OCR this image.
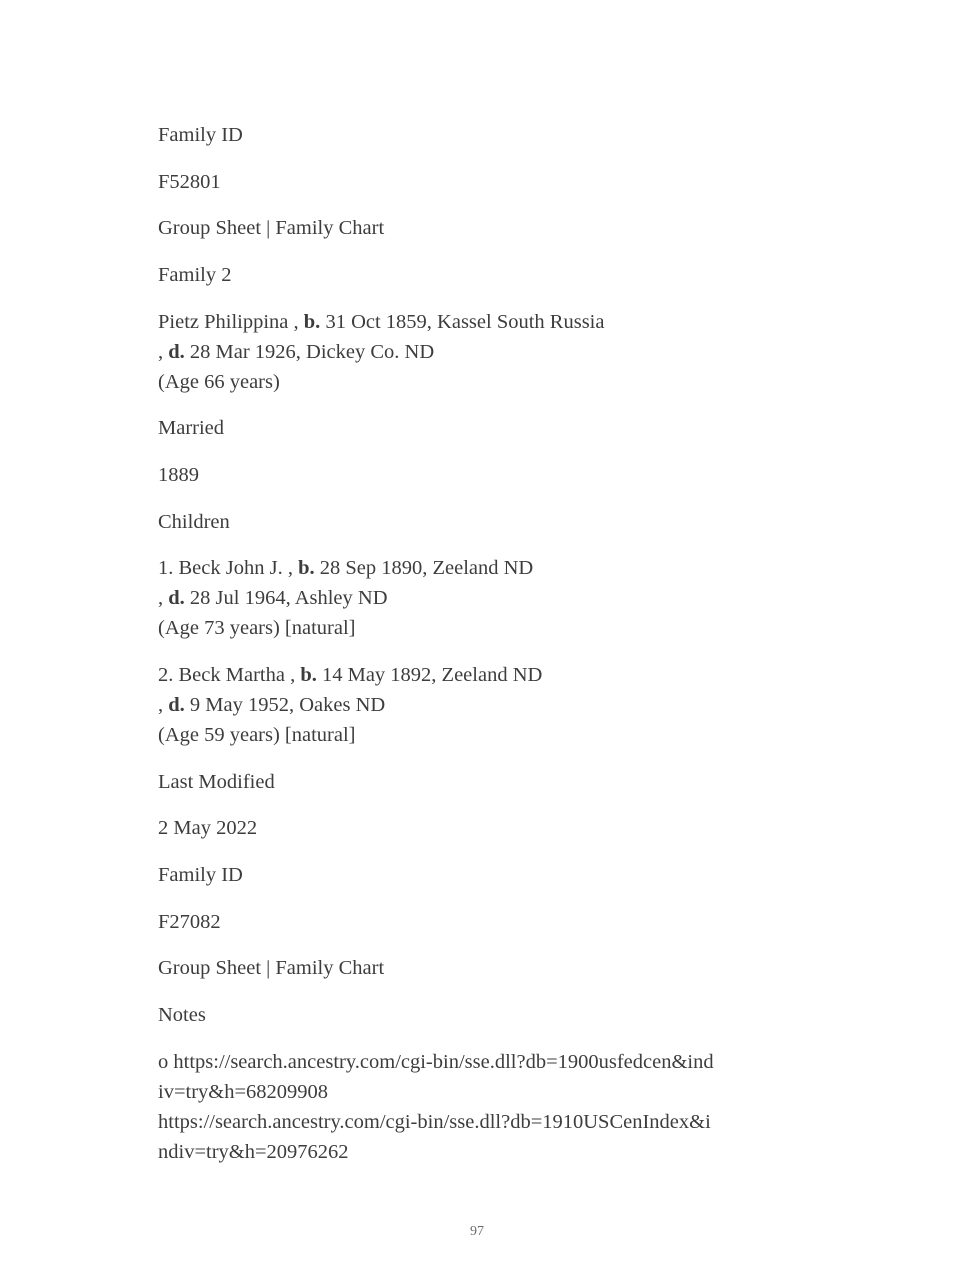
Family ID
F52801
Group Sheet | Family Chart
Family 2
Pietz Philippina , b. 31 Oct 1859, Kassel South Russia
, d. 28 Mar 1926, Dickey Co. ND
(Age 66 years)
Married
1889
Children
1. Beck John J. , b. 28 Sep 1890, Zeeland ND
, d. 28 Jul 1964, Ashley ND
(Age 73 years) [natural]
2. Beck Martha , b. 14 May 1892, Zeeland ND
, d. 9 May 1952, Oakes ND
(Age 59 years) [natural]
Last Modified
2 May 2022
Family ID
F27082
Group Sheet | Family Chart
Notes
o https://search.ancestry.com/cgi-bin/sse.dll?db=1900usfedcen&ind
iv=try&h=68209908
https://search.ancestry.com/cgi-bin/sse.dll?db=1910USCenIndex&i
ndiv=try&h=20976262
97
